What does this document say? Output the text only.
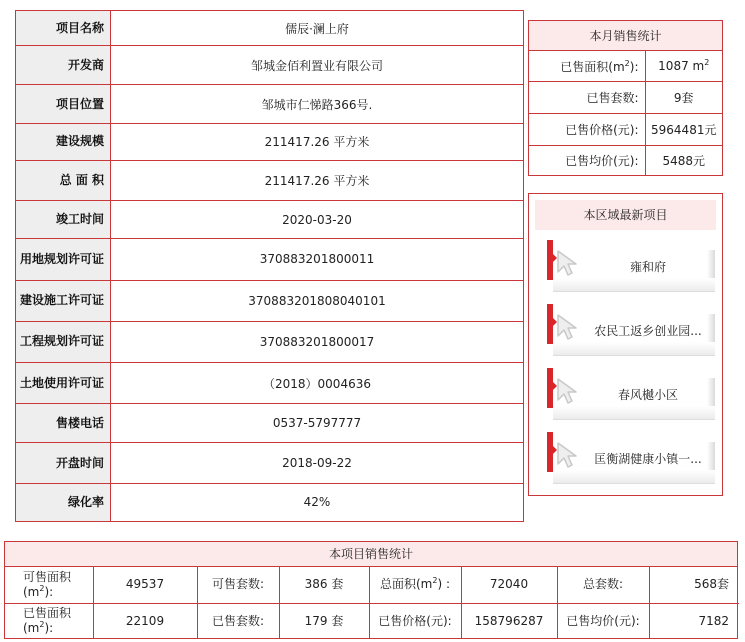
项目名称	儒辰·澜上府
开发商	邹城金佰利置业有限公司
项目位置	邹城市仁悌路366号.
建设规模	211417.26 平方米
总 面 积	211417.26 平方米
竣工时间	2020-03-20
用地规划许可证	370883201800011
建设施工许可证	370883201808040101
工程规划许可证	370883201800017
土地使用许可证	（2018）0004636
售楼电话	0537-5797777
开盘时间	2018-09-22
绿化率	42%
本月销售统计
已售面积$(m^2)$:	1087 $m^2$
已售套数:	9套
已售价格(元):	5964481元
已售均价(元):	5488元
本区域最新项目
雍和府
农民工返乡创业园...
春风樾小区
匡衡湖健康小镇一...
本项目销售统计
可售面积$(m^2)$:	49537	可售套数:	386 套	总面积$(m^2)$ :	72040	总套数:	568套
已售面积$(m^2)$:	22109	已售套数:	179 套	已售价格(元):	158796287	已售均价(元):	7182
